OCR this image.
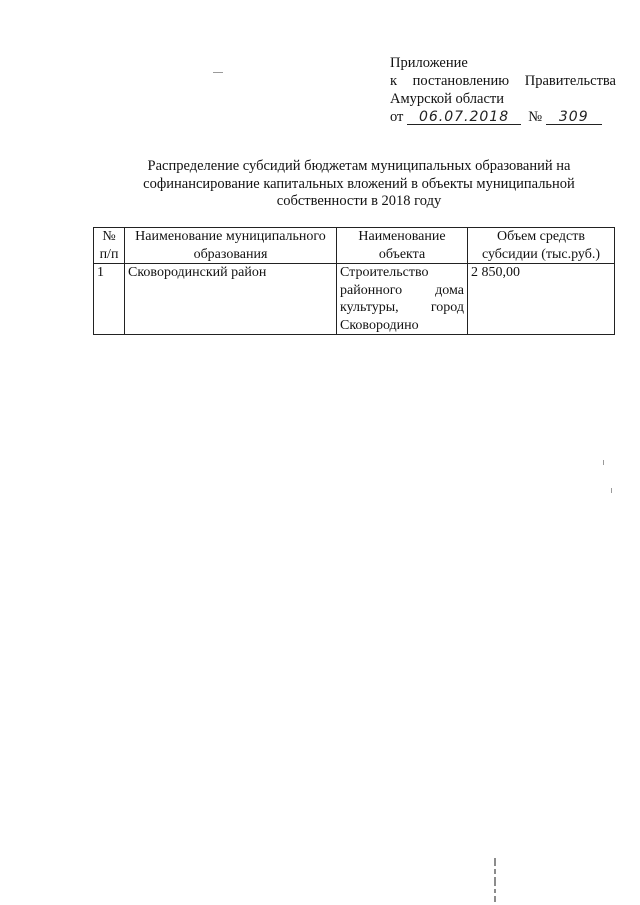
Приложение
к постановлению Правительства
Амурской области
от
	06.07.2018
	№
	309
Распределение субсидий бюджетам муниципальных образований на
софинансирование капитальных вложений в объекты муниципальной
собственности в 2018 году
№ п/п	Наименование муниципального образования	Наименование объекта	Объем средств субсидии (тыс.руб.)
1	Сковородинский район	Строительство районного дома культуры, город Сковородино	2 850,00
